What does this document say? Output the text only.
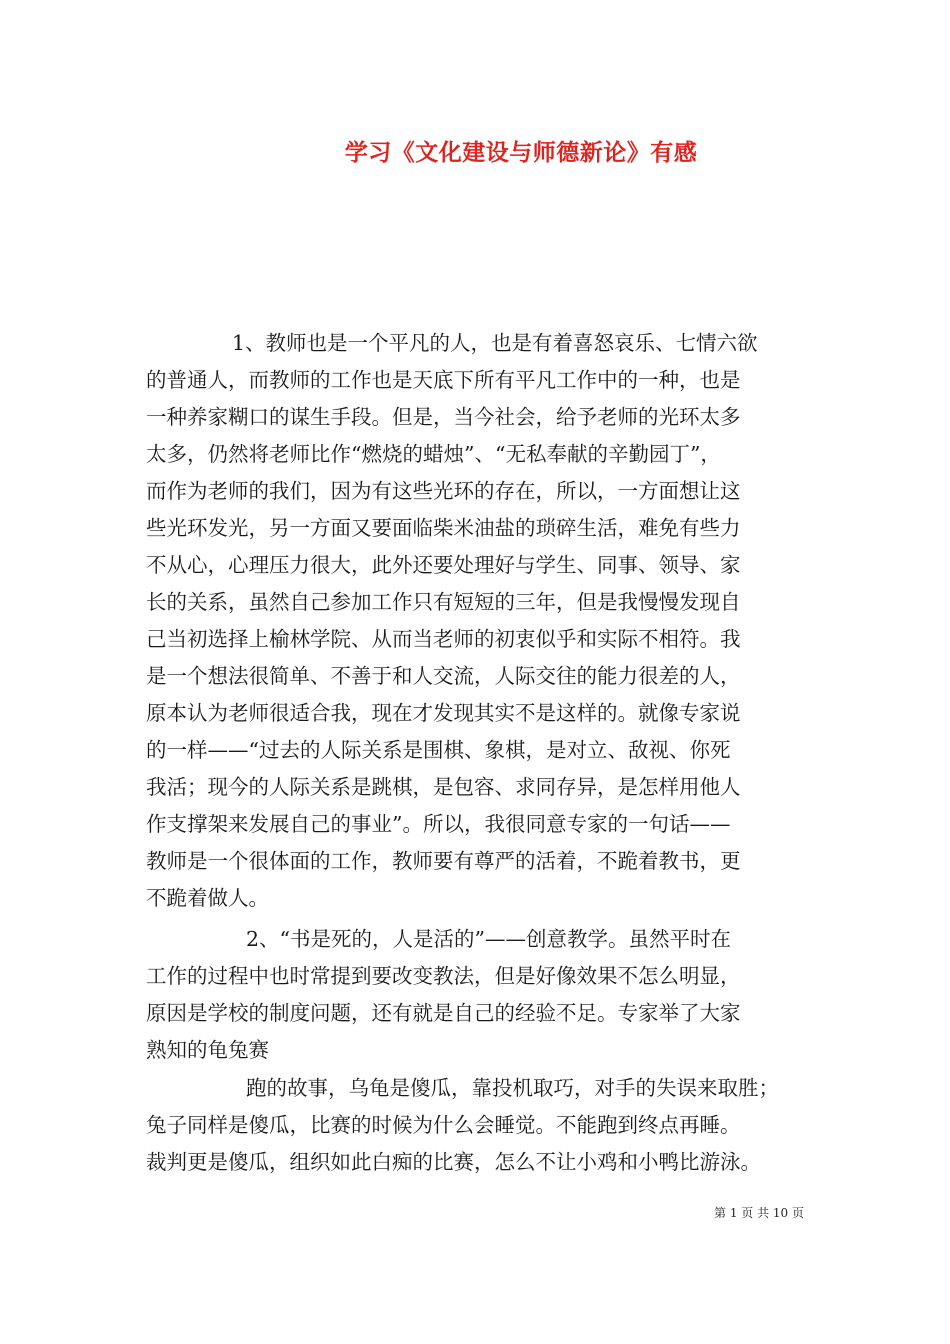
学习《文化建设与师德新论》有感
1、教师也是一个平凡的人，也是有着喜怒哀乐、七情六欲
的普通人，而教师的工作也是天底下所有平凡工作中的一种，也是
一种养家糊口的谋生手段。但是，当今社会，给予老师的光环太多
太多，仍然将老师比作“燃烧的蜡烛”、“无私奉献的辛勤园丁”，
而作为老师的我们，因为有这些光环的存在，所以，一方面想让这
些光环发光，另一方面又要面临柴米油盐的琐碎生活，难免有些力
不从心，心理压力很大，此外还要处理好与学生、同事、领导、家
长的关系，虽然自己参加工作只有短短的三年，但是我慢慢发现自
己当初选择上榆林学院、从而当老师的初衷似乎和实际不相符。我
是一个想法很简单、不善于和人交流，人际交往的能力很差的人，
原本认为老师很适合我，现在才发现其实不是这样的。就像专家说
的一样——“过去的人际关系是围棋、象棋，是对立、敌视、你死
我活；现今的人际关系是跳棋，是包容、求同存异，是怎样用他人
作支撑架来发展自己的事业”。所以，我很同意专家的一句话——
教师是一个很体面的工作，教师要有尊严的活着，不跪着教书，更
不跪着做人。
2、“书是死的，人是活的”——创意教学。虽然平时在
工作的过程中也时常提到要改变教法，但是好像效果不怎么明显，
原因是学校的制度问题，还有就是自己的经验不足。专家举了大家
熟知的龟兔赛
跑的故事，乌龟是傻瓜，靠投机取巧，对手的失误来取胜；
兔子同样是傻瓜，比赛的时候为什么会睡觉。不能跑到终点再睡。
裁判更是傻瓜，组织如此白痴的比赛，怎么不让小鸡和小鸭比游泳。
第 1 页 共 10 页
